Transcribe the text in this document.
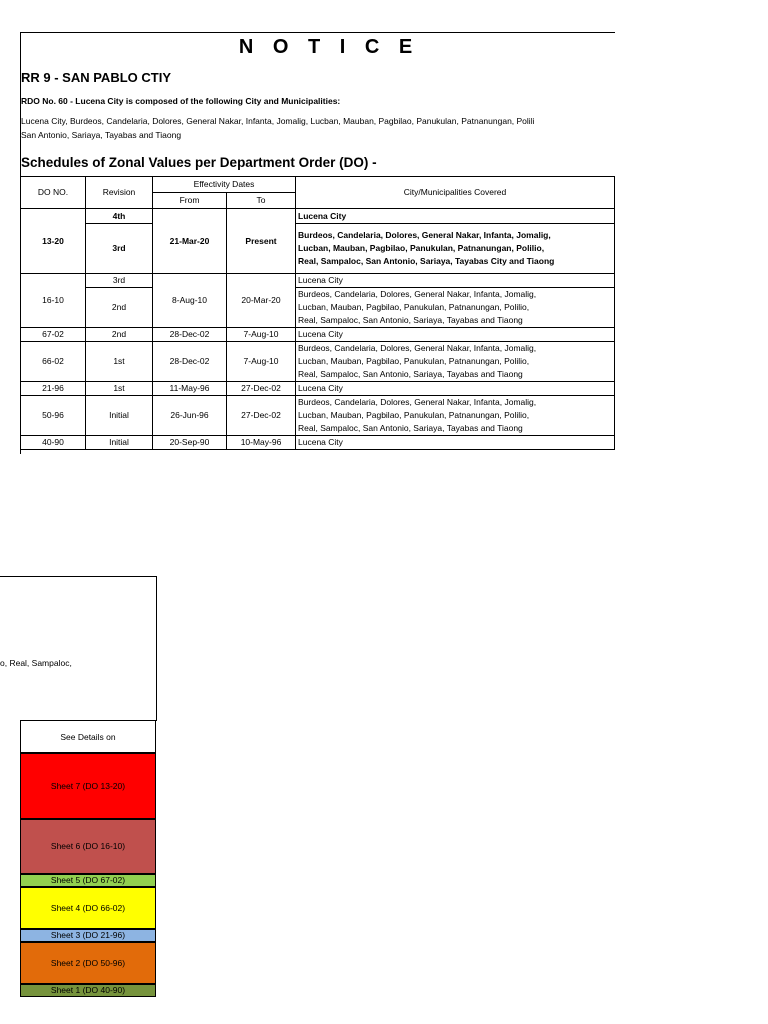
N O T I C E
RR 9 - SAN PABLO CTIY
RDO No. 60 - Lucena City is composed of the following City and Municipalities:
Lucena City, Burdeos, Candelaria, Dolores, General Nakar, Infanta, Jomalig, Lucban, Mauban, Pagbilao, Panukulan, Patnanungan, Polili
San Antonio, Sariaya, Tayabas and Tiaong
Schedules of Zonal Values per Department Order (DO) -
DO NO.	Revision	Effectivity Dates		City/Municipalities Covered
		From	To	
13-20	4th	21-Mar-20	Present	Lucena City
	3rd			Burdeos, Candelaria, Dolores, General Nakar, Infanta, Jomalig,
Lucban, Mauban, Pagbilao, Panukulan, Patnanungan, Polilio,
Real, Sampaloc, San Antonio, Sariaya, Tayabas City and Tiaong

16-10	3rd	8-Aug-10	20-Mar-20	Lucena City
	2nd			Burdeos, Candelaria, Dolores, General Nakar, Infanta, Jomalig,
Lucban, Mauban, Pagbilao, Panukulan, Patnanungan, Polilio,
Real, Sampaloc, San Antonio, Sariaya, Tayabas and Tiaong

67-02	2nd	28-Dec-02	7-Aug-10	Lucena City
66-02	1st	28-Dec-02	7-Aug-10	Burdeos, Candelaria, Dolores, General Nakar, Infanta, Jomalig,
Lucban, Mauban, Pagbilao, Panukulan, Patnanungan, Polilio,
Real, Sampaloc, San Antonio, Sariaya, Tayabas and Tiaong

21-96	1st	11-May-96	27-Dec-02	Lucena City
50-96	Initial	26-Jun-96	27-Dec-02	Burdeos, Candelaria, Dolores, General Nakar, Infanta, Jomalig,
Lucban, Mauban, Pagbilao, Panukulan, Patnanungan, Polilio,
Real, Sampaloc, San Antonio, Sariaya, Tayabas and Tiaong

40-90	Initial	20-Sep-90	10-May-96	Lucena City
o, Real, Sampaloc,
See Details on
Sheet 7 (DO 13-20)
Sheet 6 (DO 16-10)
Sheet 5 (DO 67-02)
Sheet 4 (DO 66-02)
Sheet 3 (DO 21-96)
Sheet 2 (DO 50-96)
Sheet 1 (DO 40-90)
